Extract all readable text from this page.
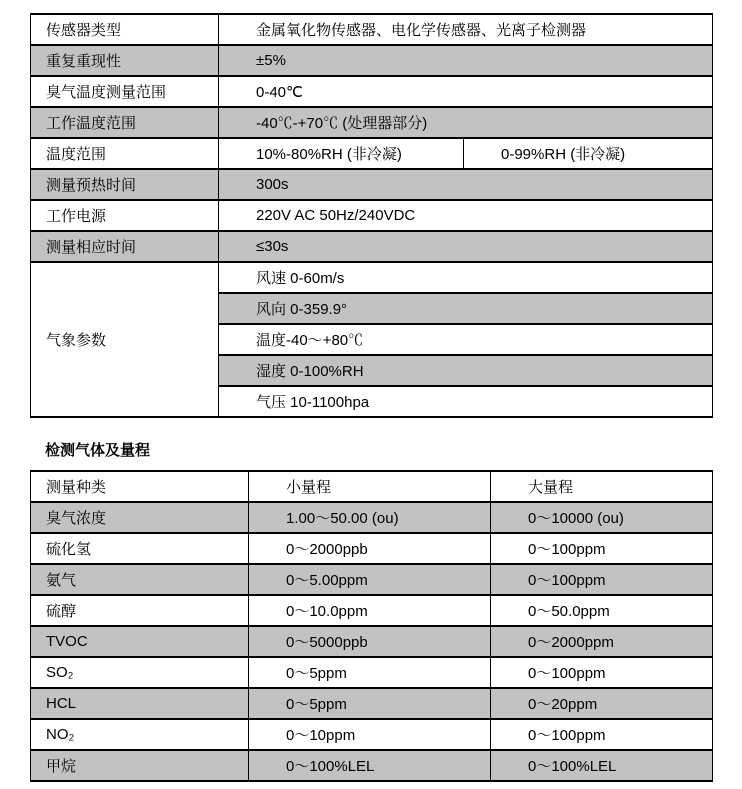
传感器类型	金属氧化物传感器、电化学传感器、光离子检测器	
重复重现性	±5%	
臭气温度测量范围	0-40℃	
工作温度范围	-40℃-+70℃ (处理器部分)	
温度范围	10%-80%RH (非冷凝)	0-99%RH (非冷凝)
测量预热时间	300s	
工作电源	220V AC 50Hz/240VDC	
测量相应时间	≤30s	
气象参数	风速 0-60m/s	
	风向 0-359.9°	
	温度-40～+80℃	
	湿度 0-100%RH	
	气压 10-1100hpa	
检测气体及量程
测量种类	小量程	大量程
臭气浓度	1.00～50.00 (ou)	0～10000 (ou)
硫化氢	0～2000ppb	0～100ppm
氨气	0～5.00ppm	0～100ppm
硫醇	0～10.0ppm	0～50.0ppm
TVOC	0～5000ppb	0～2000ppm
SO₂	0～5ppm	0～100ppm
HCL	0～5ppm	0～20ppm
NO₂	0～10ppm	0～100ppm
甲烷	0～100%LEL	0～100%LEL
